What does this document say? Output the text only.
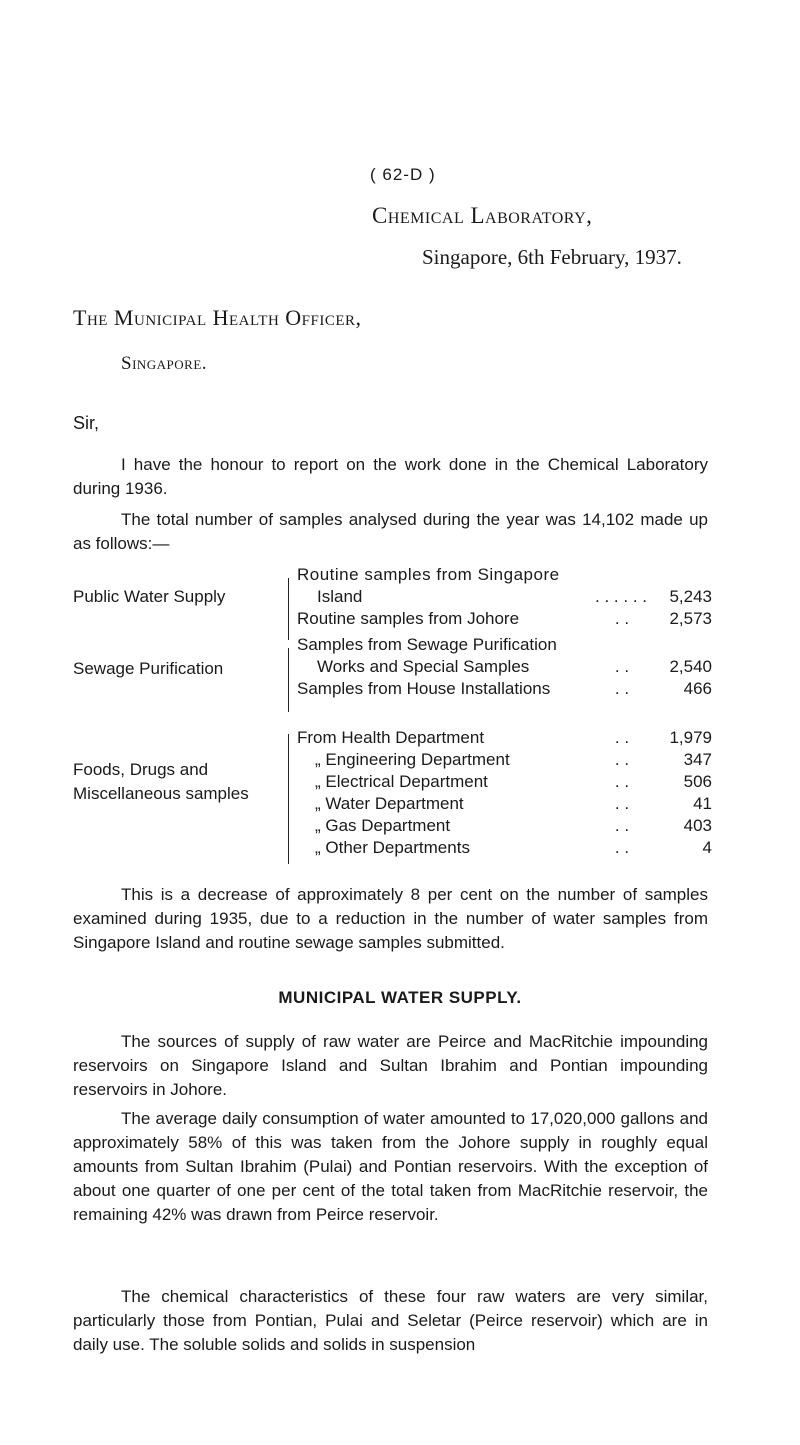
( 62-D )
Chemical Laboratory,
Singapore, 6th February, 1937.
The Municipal Health Officer,
Singapore.
Sir,
I have the honour to report on the work done in the Chemical Laboratory during 1936.
The total number of samples analysed during the year was 14,102 made up as follows:—
Public Water Supply
Routine samples from Singapore
Island	. . . . . . 5,243
Routine samples from Johore	. .	2,573
Sewage Purification
Samples from Sewage Purification
Works and Special Samples	. .	2,540
Samples from House Installations	. .	466
Foods, Drugs and
Miscellaneous samples
From Health Department	. .	1,979
„ Engineering Department	. .	347
„ Electrical Department	. .	506
„ Water Department	. .	41
„ Gas Department	. .	403
„ Other Departments	. .	4
This is a decrease of approximately 8 per cent on the number of samples examined during 1935, due to a reduction in the number of water samples from Singapore Island and routine sewage samples submitted.
MUNICIPAL WATER SUPPLY.
The sources of supply of raw water are Peirce and MacRitchie impounding reservoirs on Singapore Island and Sultan Ibrahim and Pontian impounding reservoirs in Johore.
The average daily consumption of water amounted to 17,020,000 gallons and approximately 58% of this was taken from the Johore supply in roughly equal amounts from Sultan Ibrahim (Pulai) and Pontian reservoirs. With the exception of about one quarter of one per cent of the total taken from MacRitchie reservoir, the remaining 42% was drawn from Peirce reservoir.
The chemical characteristics of these four raw waters are very similar, particularly those from Pontian, Pulai and Seletar (Peirce reservoir) which are in daily use. The soluble solids and solids in suspension
